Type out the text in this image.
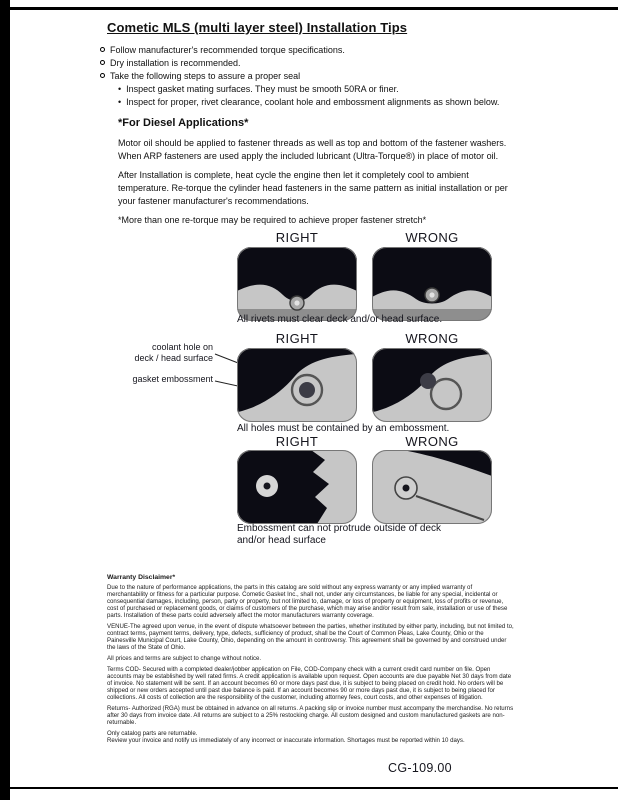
Cometic MLS (multi layer steel) Installation Tips
Follow manufacturer's recommended torque specifications.
Dry installation is recommended.
Take the following steps to assure a proper seal
• Inspect gasket mating surfaces. They must be smooth 50RA or finer.
• Inspect for proper, rivet clearance, coolant hole and embossment alignments as shown below.
*For Diesel Applications*

Motor oil should be applied to fastener threads as well as top and bottom of the fastener washers. When ARP fasteners are used apply the included lubricant (Ultra-Torque®) in place of motor oil.

After Installation is complete, heat cycle the engine then let it completely cool to ambient temperature. Re-torque the cylinder head fasteners in the same pattern as initial installation or per your fastener manufacturer's recommendations.

*More than one re-torque may be required to achieve proper fastener stretch*

RIGHT	WRONG
All rivets must clear deck and/or head surface.
RIGHT	WRONG
coolant hole on
deck / head surface
gasket embossment
All holes must be contained by an embossment.
RIGHT	WRONG
Embossment can not protrude outside of deck
and/or head surface
Warranty Disclaimer*

Due to the nature of performance applications, the parts in this catalog are sold without any express warranty or any implied warranty of merchantability or fitness for a particular purpose. Cometic Gasket Inc., shall not, under any circumstances, be liable for any special, incidental or consequential damages, including, person, party or property, but not limited to, damage, or loss of property or equipment, loss of profits or revenue, cost of purchased or replacement goods, or claims of customers of the purchase, which may arise and/or result from sale, installation or use of these parts. Installation of these parts could adversely affect the motor manufacturers warranty coverage.

VENUE-The agreed upon venue, in the event of dispute whatsoever between the parties, whether instituted by either party, including, but not limited to, contract terms, payment terms, delivery, type, defects, sufficiency of product, shall be the Court of Common Pleas, Lake County, Ohio or the Painesville Municipal Court, Lake County, Ohio, depending on the amount in controversy. This agreement shall be governed by and construed under the laws of the State of Ohio.

All prices and terms are subject to change without notice.

Terms COD- Secured with a completed dealer/jobber application on File, COD-Company check with a current credit card number on file. Open accounts may be established by well rated firms. A credit application is available upon request. Open accounts are due payable Net 30 days from date of invoice. No statement will be sent. If an account becomes 60 or more days past due, it is subject to being placed on credit hold. No orders will be shipped or new orders accepted until past due balance is paid. If an account becomes 90 or more days past due, it is subject to being placed for collections. All costs of collection are the responsibility of the customer, including attorney fees, court costs, and other expenses of litigation.

Returns- Authorized (RGA) must be obtained in advance on all returns. A packing slip or invoice number must accompany the merchandise. No returns after 30 days from invoice date. All returns are subject to a 25% restocking charge. All custom designed and custom manufactured gaskets are non-returnable.

Only catalog parts are returnable.

Review your invoice and notify us immediately of any incorrect or inaccurate information. Shortages must be reported within 10 days.

CG-109.00
